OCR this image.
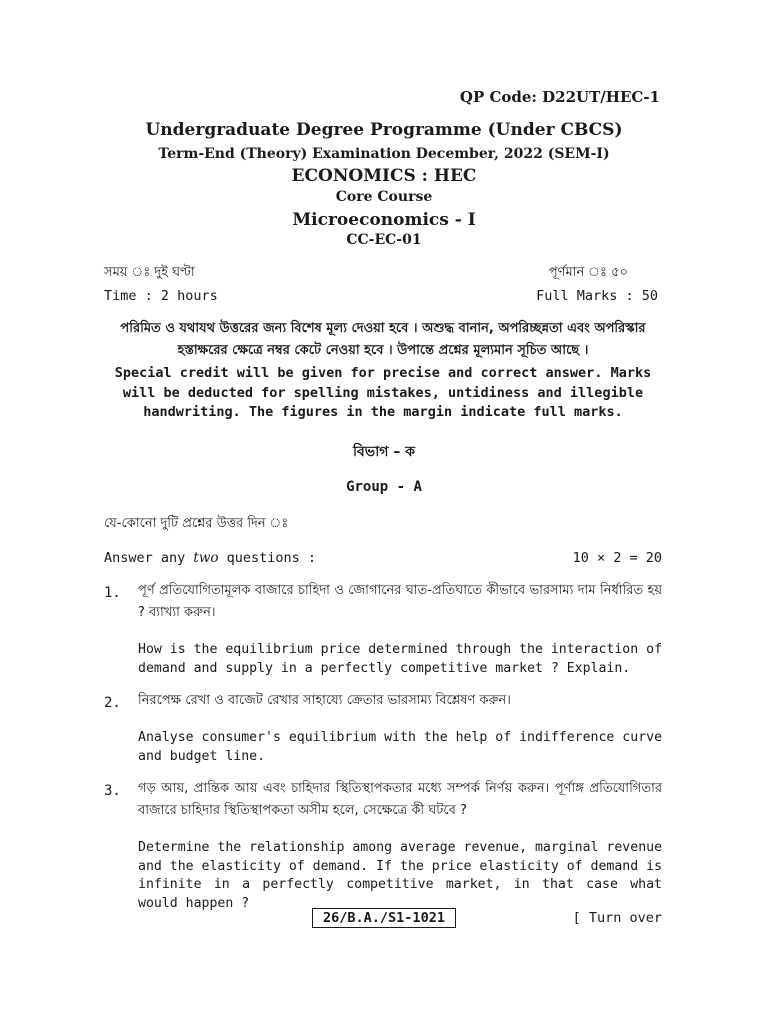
QP Code: D22UT/HEC-1
Undergraduate Degree Programme (Under CBCS)
Term-End (Theory) Examination December, 2022 (SEM-I)
ECONOMICS : HEC
Core Course
Microeconomics - I
CC-EC-01
সময় ঃ দুই ঘণ্টা	পূর্ণমান ঃ ৫০
Time : 2 hours	Full Marks : 50
পরিমিত ও যথাযথ উত্তরের জন্য বিশেষ মূল্য দেওয়া হবে । অশুদ্ধ বানান, অপরিচ্ছন্নতা এবং অপরিস্কার
হস্তাক্ষরের ক্ষেত্রে নম্বর কেটে নেওয়া হবে । উপান্তে প্রশ্নের মূল্যমান সূচিত আছে ।
Special credit will be given for precise and correct answer. Marks will be deducted for spelling mistakes, untidiness and illegible handwriting. The figures in the margin indicate full marks.
বিভাগ – ক
Group - A
যে-কোনো দুটি প্রশ্নের উত্তর দিন ঃ
Answer any two questions :	10 × 2 = 20
1. পূর্ণ প্রতিযোগিতামূলক বাজারে চাহিদা ও জোগানের ঘাত-প্রতিঘাতে কীভাবে ভারসাম্য দাম নির্ধারিত হয় ? ব্যাখ্যা করুন।
How is the equilibrium price determined through the interaction of demand and supply in a perfectly competitive market ? Explain.
2. নিরপেক্ষ রেখা ও বাজেট রেখার সাহায্যে ক্রেতার ভারসাম্য বিশ্লেষণ করুন।
Analyse consumer's equilibrium with the help of indifference curve and budget line.
3. গড় আয়, প্রান্তিক আয় এবং চাহিদার স্থিতিস্থাপকতার মধ্যে সম্পর্ক নির্ণয় করুন। পূর্ণাঙ্গ প্রতিযোগিতার বাজারে চাহিদার স্থিতিস্থাপকতা অসীম হলে, সেক্ষেত্রে কী ঘটবে ?
Determine the relationship among average revenue, marginal revenue and the elasticity of demand. If the price elasticity of demand is infinite in a perfectly competitive market, in that case what would happen ?
26/B.A./S1-1021	[ Turn over
